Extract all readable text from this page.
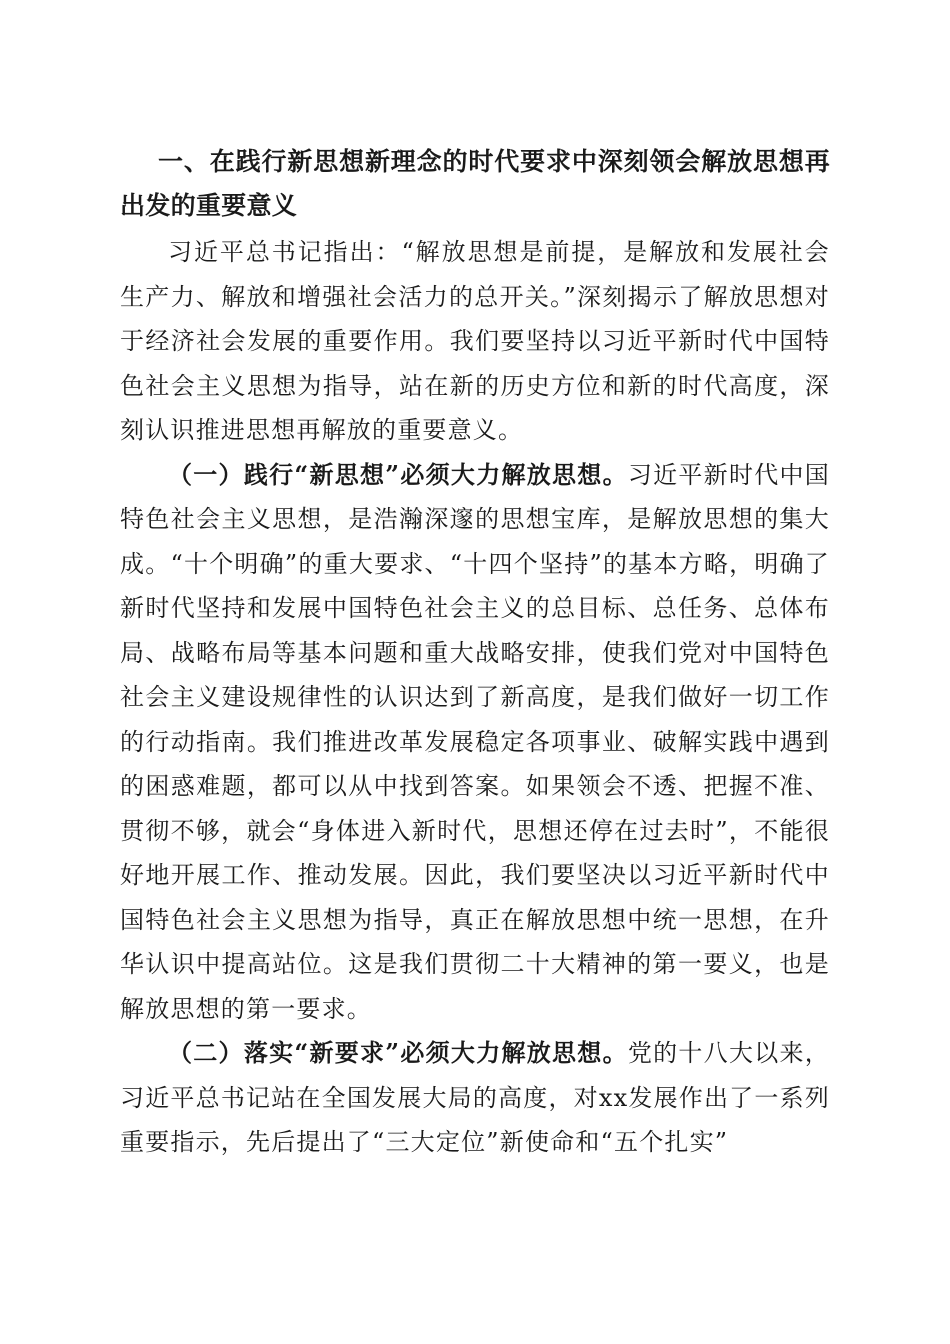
一、在践行新思想新理念的时代要求中深刻领会解放思想再出发的重要意义

习近平总书记指出：“解放思想是前提，是解放和发展社会生产力、解放和增强社会活力的总开关。”深刻揭示了解放思想对于经济社会发展的重要作用。我们要坚持以习近平新时代中国特色社会主义思想为指导，站在新的历史方位和新的时代高度，深刻认识推进思想再解放的重要意义。

（一）践行“新思想”必须大力解放思想。习近平新时代中国特色社会主义思想，是浩瀚深邃的思想宝库，是解放思想的集大成。“十个明确”的重大要求、“十四个坚持”的基本方略，明确了新时代坚持和发展中国特色社会主义的总目标、总任务、总体布局、战略布局等基本问题和重大战略安排，使我们党对中国特色社会主义建设规律性的认识达到了新高度，是我们做好一切工作的行动指南。我们推进改革发展稳定各项事业、破解实践中遇到的困惑难题，都可以从中找到答案。如果领会不透、把握不准、贯彻不够，就会“身体进入新时代，思想还停在过去时”，不能很好地开展工作、推动发展。因此，我们要坚决以习近平新时代中国特色社会主义思想为指导，真正在解放思想中统一思想，在升华认识中提高站位。这是我们贯彻二十大精神的第一要义，也是解放思想的第一要求。

（二）落实“新要求”必须大力解放思想。党的十八大以来，习近平总书记站在全国发展大局的高度，对xx发展作出了一系列重要指示，先后提出了“三大定位”新使命和“五个扎实”
